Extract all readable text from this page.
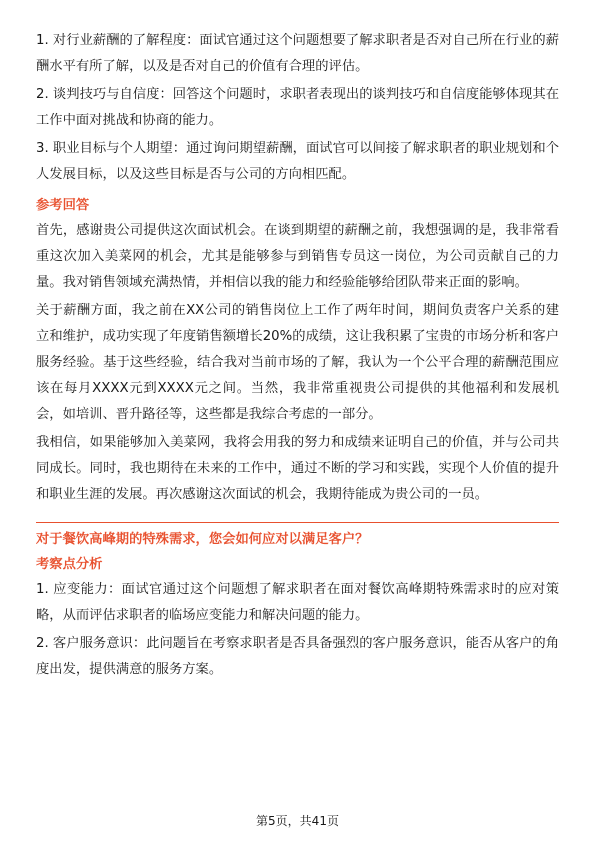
1. 对行业薪酬的了解程度：面试官通过这个问题想要了解求职者是否对自己所在行业的薪酬水平有所了解，以及是否对自己的价值有合理的评估。

2. 谈判技巧与自信度：回答这个问题时，求职者表现出的谈判技巧和自信度能够体现其在工作中面对挑战和协商的能力。

3. 职业目标与个人期望：通过询问期望薪酬，面试官可以间接了解求职者的职业规划和个人发展目标，以及这些目标是否与公司的方向相匹配。

参考回答

首先，感谢贵公司提供这次面试机会。在谈到期望的薪酬之前，我想强调的是，我非常看重这次加入美菜网的机会，尤其是能够参与到销售专员这一岗位，为公司贡献自己的力量。我对销售领域充满热情，并相信以我的能力和经验能够给团队带来正面的影响。

关于薪酬方面，我之前在XX公司的销售岗位上工作了两年时间，期间负责客户关系的建立和维护，成功实现了年度销售额增长20%的成绩，这让我积累了宝贵的市场分析和客户服务经验。基于这些经验，结合我对当前市场的了解，我认为一个公平合理的薪酬范围应该在每月XXXX元到XXXX元之间。当然，我非常重视贵公司提供的其他福利和发展机会，如培训、晋升路径等，这些都是我综合考虑的一部分。

我相信，如果能够加入美菜网，我将会用我的努力和成绩来证明自己的价值，并与公司共同成长。同时，我也期待在未来的工作中，通过不断的学习和实践，实现个人价值的提升和职业生涯的发展。再次感谢这次面试的机会，我期待能成为贵公司的一员。

对于餐饮高峰期的特殊需求，您会如何应对以满足客户？
考察点分析

1. 应变能力：面试官通过这个问题想了解求职者在面对餐饮高峰期特殊需求时的应对策略，从而评估求职者的临场应变能力和解决问题的能力。

2. 客户服务意识：此问题旨在考察求职者是否具备强烈的客户服务意识，能否从客户的角度出发，提供满意的服务方案。

第5页，共41页
